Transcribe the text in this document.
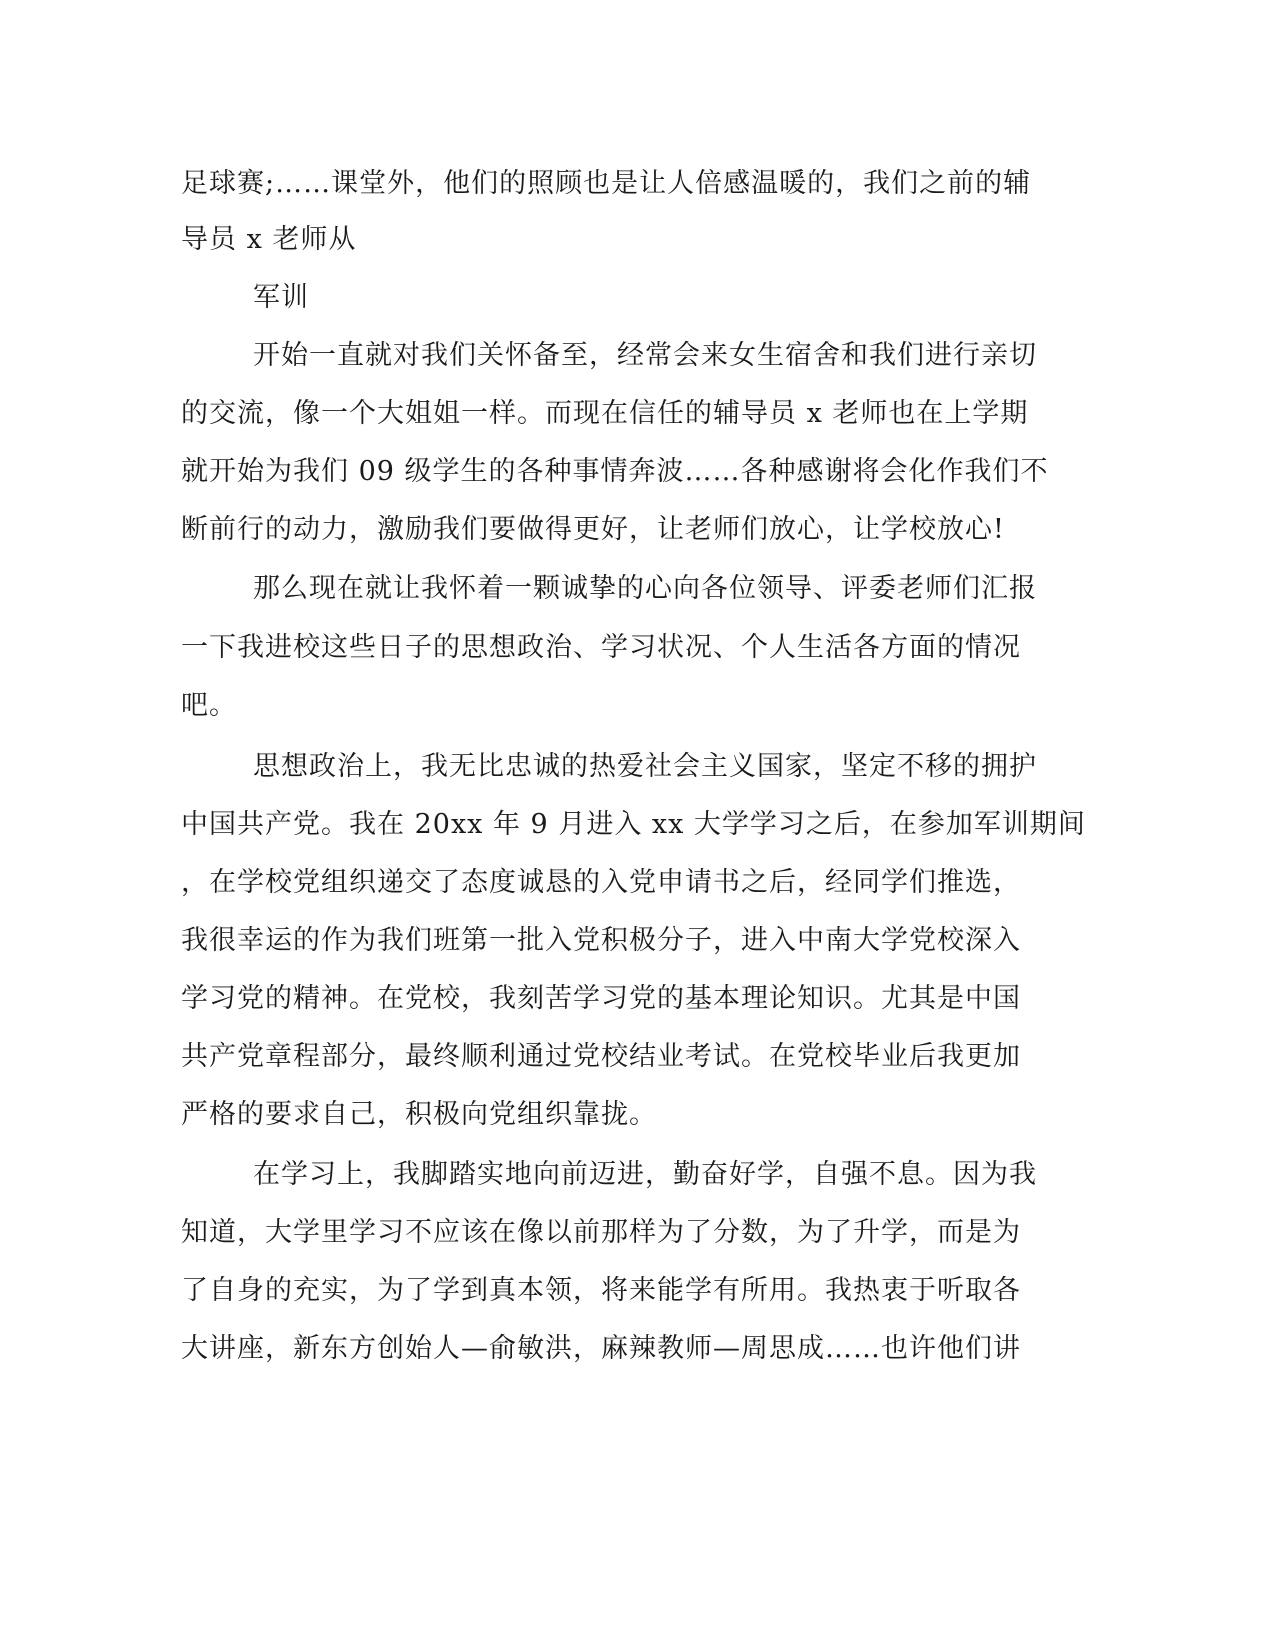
足球赛;……课堂外，他们的照顾也是让人倍感温暖的，我们之前的辅
导员 x 老师从
军训
开始一直就对我们关怀备至，经常会来女生宿舍和我们进行亲切
的交流，像一个大姐姐一样。而现在信任的辅导员 x 老师也在上学期
就开始为我们 09 级学生的各种事情奔波……各种感谢将会化作我们不
断前行的动力，激励我们要做得更好，让老师们放心，让学校放心!
那么现在就让我怀着一颗诚挚的心向各位领导、评委老师们汇报
一下我进校这些日子的思想政治、学习状况、个人生活各方面的情况
吧。
思想政治上，我无比忠诚的热爱社会主义国家，坚定不移的拥护
中国共产党。我在 20xx 年 9 月进入 xx 大学学习之后，在参加军训期间
，在学校党组织递交了态度诚恳的入党申请书之后，经同学们推选，
我很幸运的作为我们班第一批入党积极分子，进入中南大学党校深入
学习党的精神。在党校，我刻苦学习党的基本理论知识。尤其是中国
共产党章程部分，最终顺利通过党校结业考试。在党校毕业后我更加
严格的要求自己，积极向党组织靠拢。
在学习上，我脚踏实地向前迈进，勤奋好学，自强不息。因为我
知道，大学里学习不应该在像以前那样为了分数，为了升学，而是为
了自身的充实，为了学到真本领，将来能学有所用。我热衷于听取各
大讲座，新东方创始人—俞敏洪，麻辣教师—周思成……也许他们讲
